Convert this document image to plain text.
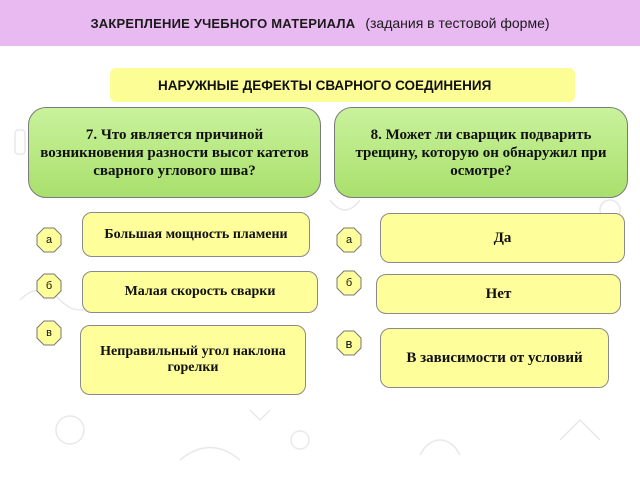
ЗАКРЕПЛЕНИЕ УЧЕБНОГО МАТЕРИАЛА (задания в тестовой форме)
НАРУЖНЫЕ ДЕФЕКТЫ СВАРНОГО СОЕДИНЕНИЯ
7. Что является причиной возникновения разности высот катетов сварного углового шва?
8. Может ли сварщик подварить трещину, которую он обнаружил при осмотре?
а	Большая мощность пламени
б	Малая скорость сварки
в
Неправильный угол наклона горелки
а	Да
б
Нет
в
В зависимости от условий
